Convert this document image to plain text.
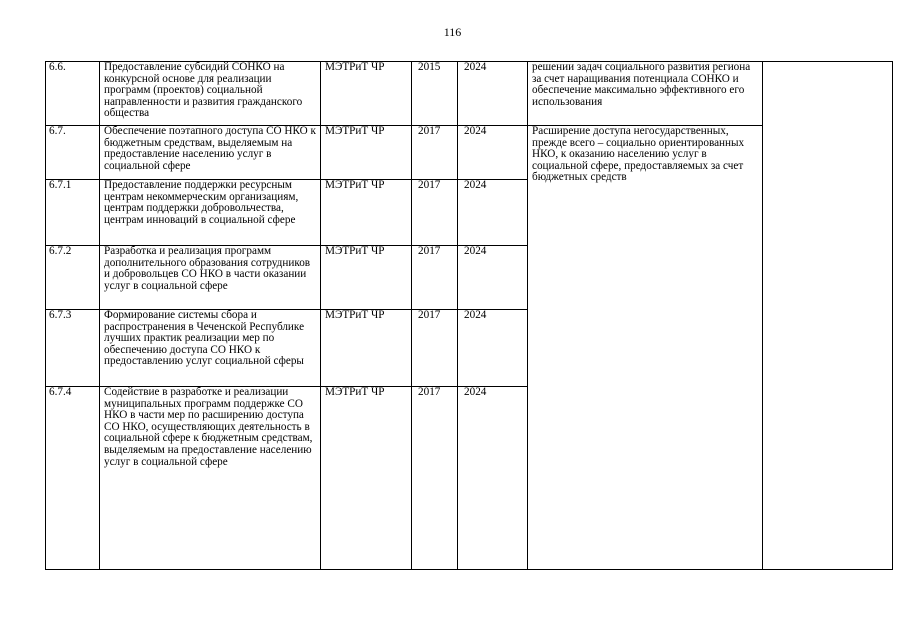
116
6.6.	Предоставление субсидий СОНКО на конкурсной основе для реализации программ (проектов) социальной направленности и развития гражданского общества	МЭТРиТ ЧР	2015	2024	решении задач социального развития региона за счет наращивания потенциала СОНКО и обеспечение максимально эффективного его использования	

6.7.	Обеспечение поэтапного доступа СО НКО к бюджетным средствам, выделяемым на предоставление населению услуг в социальной сфере	МЭТРиТ ЧР	2017	2024	Расширение доступа негосударственных, прежде всего – социально ориентированных НКО, к оказанию населению услуг в социальной сфере, предоставляемых за счет бюджетных средств	

6.7.1	Предоставление поддержки ресурсным центрам некоммерческим организациям, центрам поддержки добровольчества, центрам инноваций в социальной сфере	МЭТРиТ ЧР	2017	2024		

6.7.2	Разработка и реализация программ дополнительного образования сотрудников и добровольцев СО НКО в части оказании услуг в социальной сфере	МЭТРиТ ЧР	2017	2024		

6.7.3	Формирование системы сбора и распространения в Чеченской Республике лучших практик реализации мер по обеспечению доступа СО НКО к предоставлению услуг социальной сферы	МЭТРиТ ЧР	2017	2024		

6.7.4	Содействие в разработке и реализации муниципальных программ поддержке СО НКО в части мер по расширению доступа СО НКО, осуществляющих деятельность в социальной сфере к бюджетным средствам, выделяемым на предоставление населению услуг в социальной сфере	МЭТРиТ ЧР	2017	2024		
